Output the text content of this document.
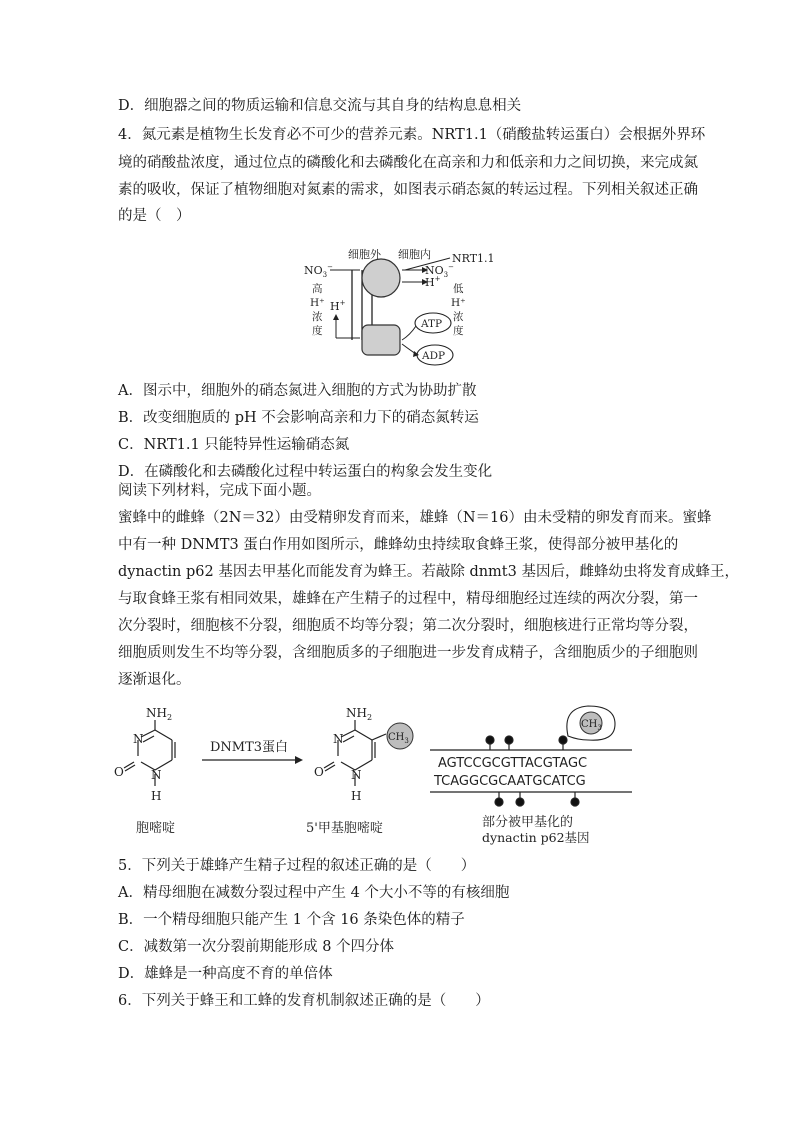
D．细胞器之间的物质运输和信息交流与其自身的结构息息相关
4．氮元素是植物生长发育必不可少的营养元素。NRT1.1（硝酸盐转运蛋白）会根据外界环
境的硝酸盐浓度，通过位点的磷酸化和去磷酸化在高亲和力和低亲和力之间切换，来完成氮
素的吸收，保证了植物细胞对氮素的需求，如图表示硝态氮的转运过程。下列相关叙述正确
的是（　）
细胞外 细胞内 NRT1.1
$NO_3^-$	$NO_3^-$
H+
H+
高
H⁺
浓
度
低
H⁺
浓
度
ATP
ADP
A．图示中，细胞外的硝态氮进入细胞的方式为协助扩散
B．改变细胞质的 pH 不会影响高亲和力下的硝态氮转运
C．NRT1.1 只能特异性运输硝态氮
D．在磷酸化和去磷酸化过程中转运蛋白的构象会发生变化
阅读下列材料，完成下面小题。
蜜蜂中的雌蜂（2N＝32）由受精卵发育而来，雄蜂（N＝16）由未受精的卵发育而来。蜜蜂
中有一种 DNMT3 蛋白作用如图所示，雌蜂幼虫持续取食蜂王浆，使得部分被甲基化的
dynactin p62 基因去甲基化而能发育为蜂王。若敲除 dnmt3 基因后，雌蜂幼虫将发育成蜂王，
与取食蜂王浆有相同效果，雄蜂在产生精子的过程中，精母细胞经过连续的两次分裂，第一
次分裂时，细胞核不分裂，细胞质不均等分裂；第二次分裂时，细胞核进行正常均等分裂，
细胞质则发生不均等分裂，含细胞质多的子细胞进一步发育成精子，含细胞质少的子细胞则
逐渐退化。
$NH_2$
N
N
O
H
胞嘧啶
DNMT3蛋白
$NH_2$
N
N
O
H
$CH_3$
5'甲基胞嘧啶
AGTCCGCGTTACGTAGC
TCAGGCGCAATGCATCG
$CH_3$
部分被甲基化的
dynactin p62基因
5．下列关于雄蜂产生精子过程的叙述正确的是（　　）
A．精母细胞在减数分裂过程中产生 4 个大小不等的有核细胞
B．一个精母细胞只能产生 1 个含 16 条染色体的精子
C．减数第一次分裂前期能形成 8 个四分体
D．雄蜂是一种高度不育的单倍体
6．下列关于蜂王和工蜂的发育机制叙述正确的是（　　）
